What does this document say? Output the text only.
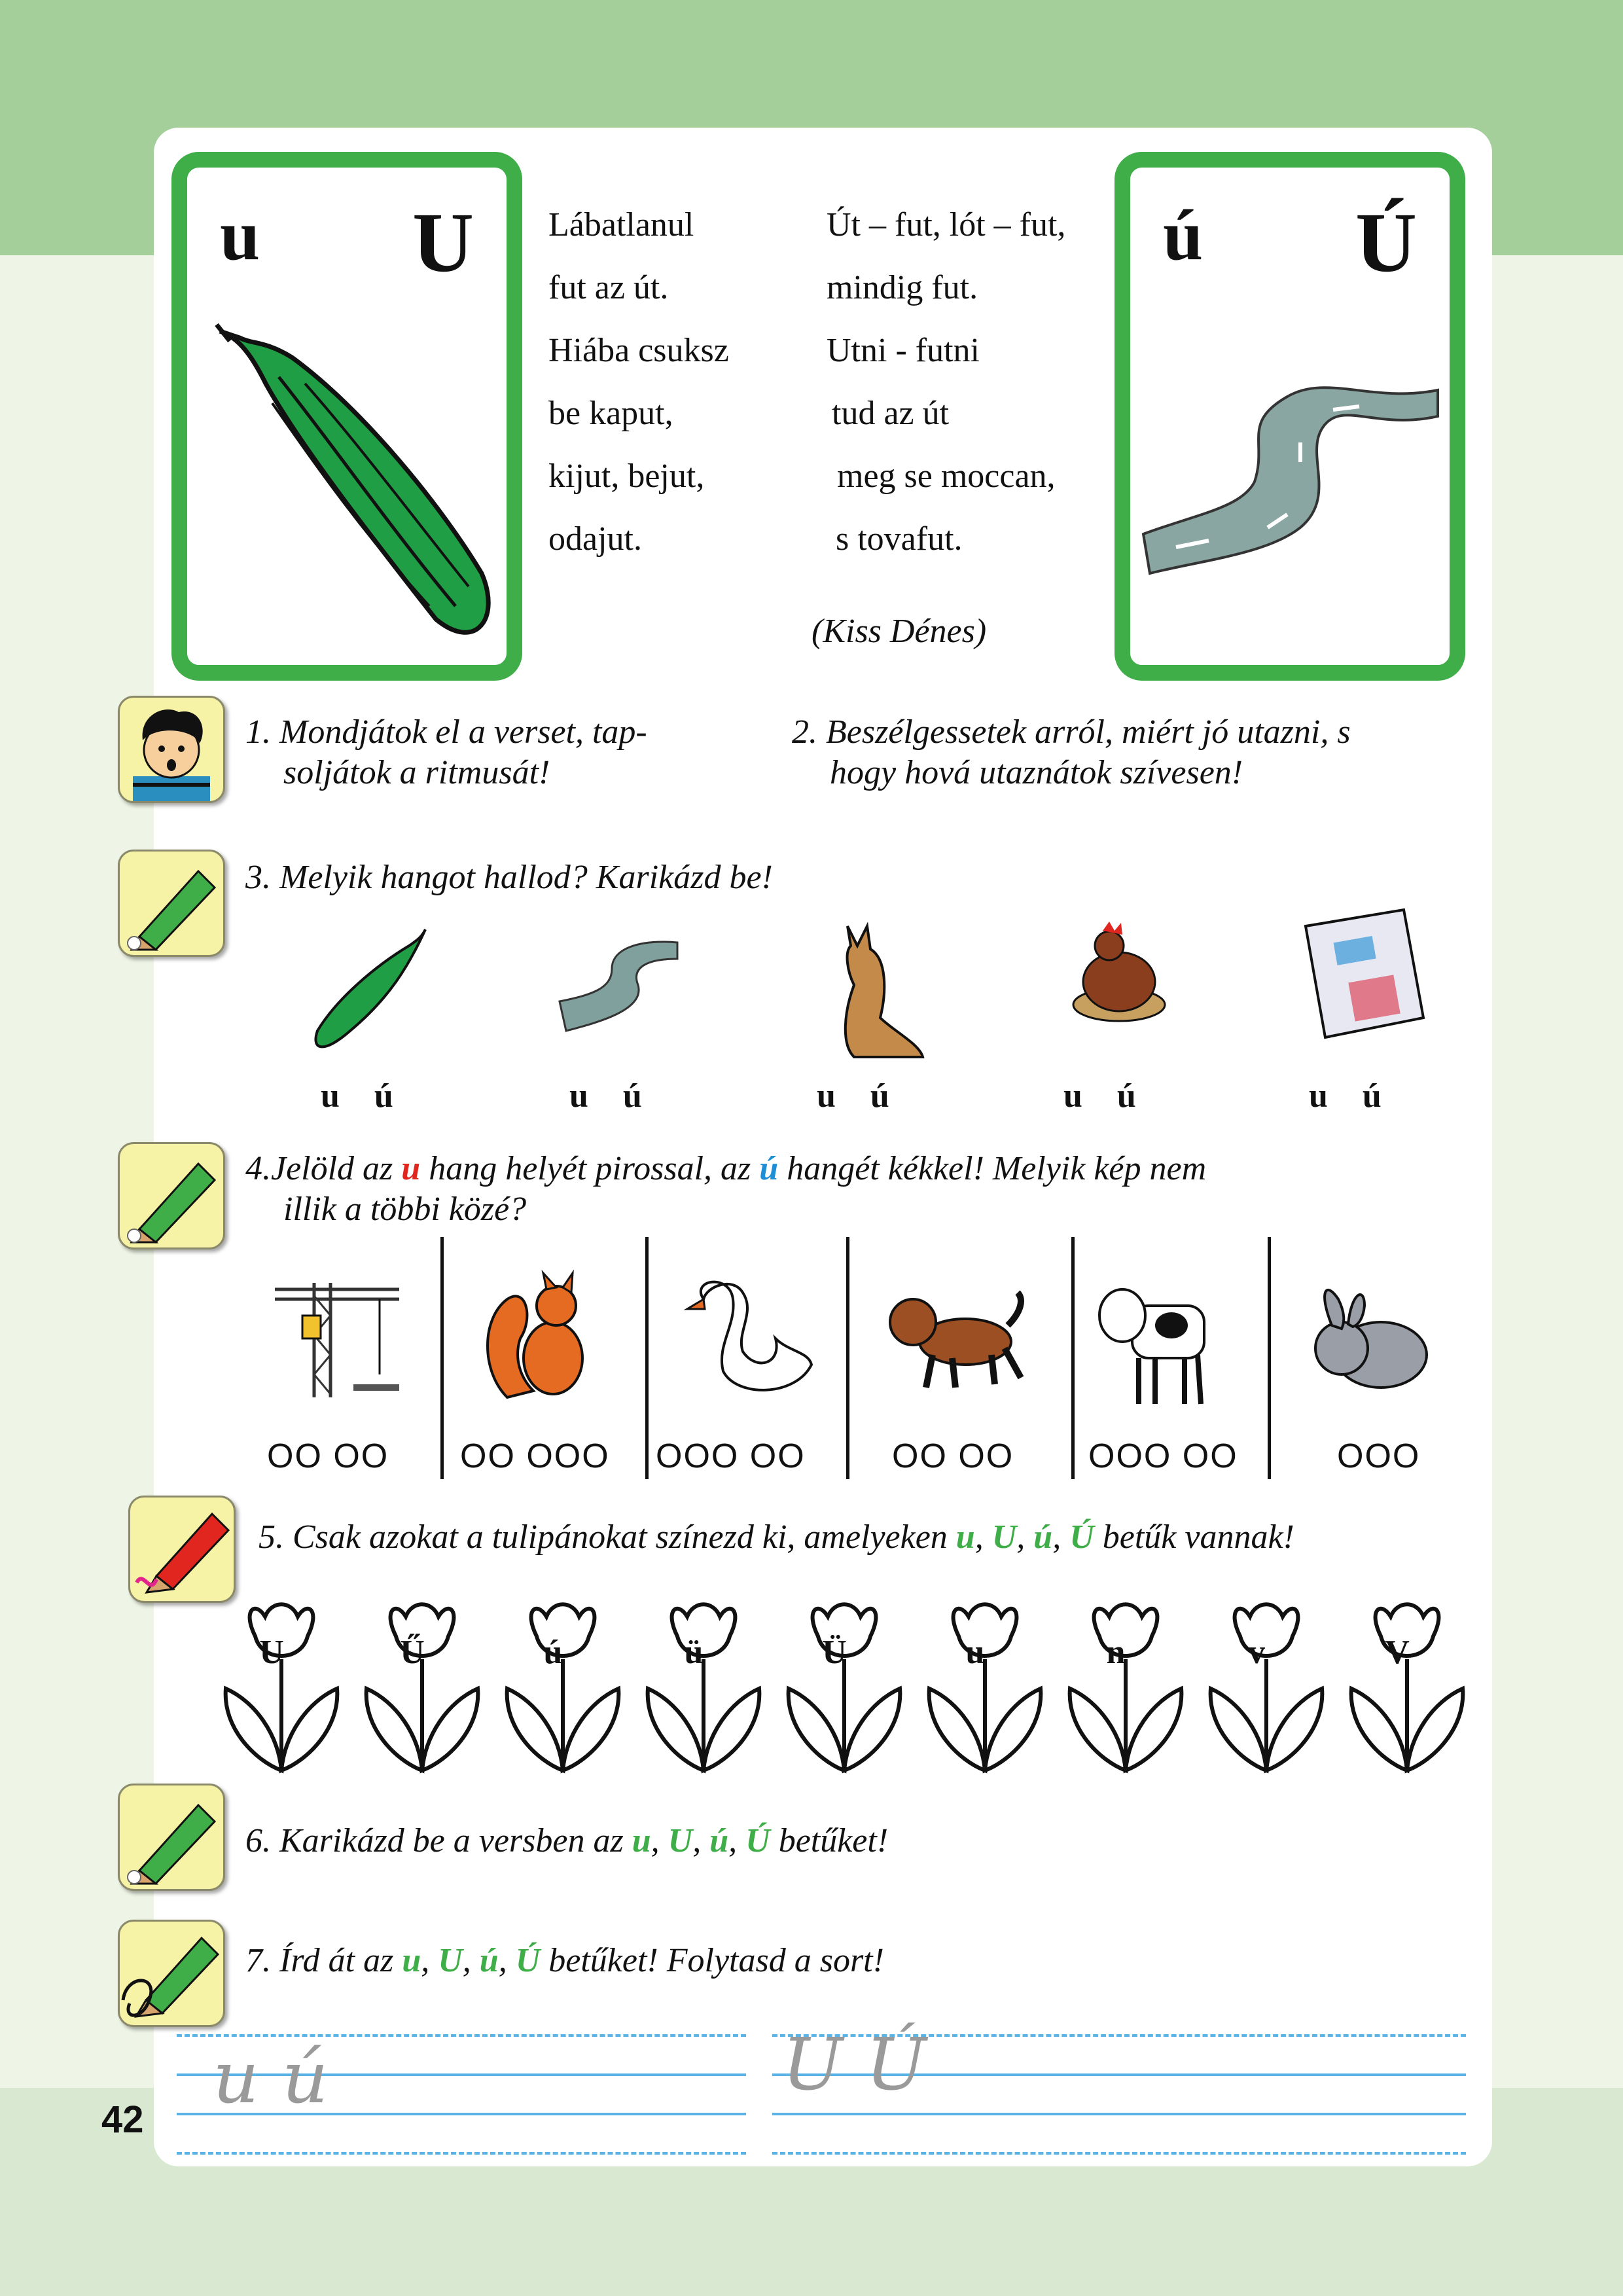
42
u U	ú Ú
Lábatlanul
fut az út.
Hiába csuksz
be kaput,
kijut, bejut,
odajut.
Út – fut, lót – fut,
mindig fut.
Utni - futni
tud az út
meg se moccan,
s tovafut.
(Kiss Dénes)
1. Mondjátok el a verset, tap-
soljátok a ritmusát!
2. Beszélgessetek arról, miért jó utazni, s
hogy hová utaznátok szívesen!
3. Melyik hangot hallod? Karikázd be!
u ú	u ú	u ú	u ú	u ú
4.Jelöld az u hang helyét pirossal, az ú hangét kékkel! Melyik kép nem
illik a többi közé?
OO OO OO OOO OOO OO	OO OO OOO OO	OOO
5. Csak azokat a tulipánokat színezd ki, amelyeken u, U, ú, Ú betűk vannak!
U	Ű	ú	ü	Ü	u	n	v	V
6. Karikázd be a versben az u, U, ú, Ú betűket!
7. Írd át az u, U, ú, Ú betűket! Folytasd a sort!
u ú	U Ú
